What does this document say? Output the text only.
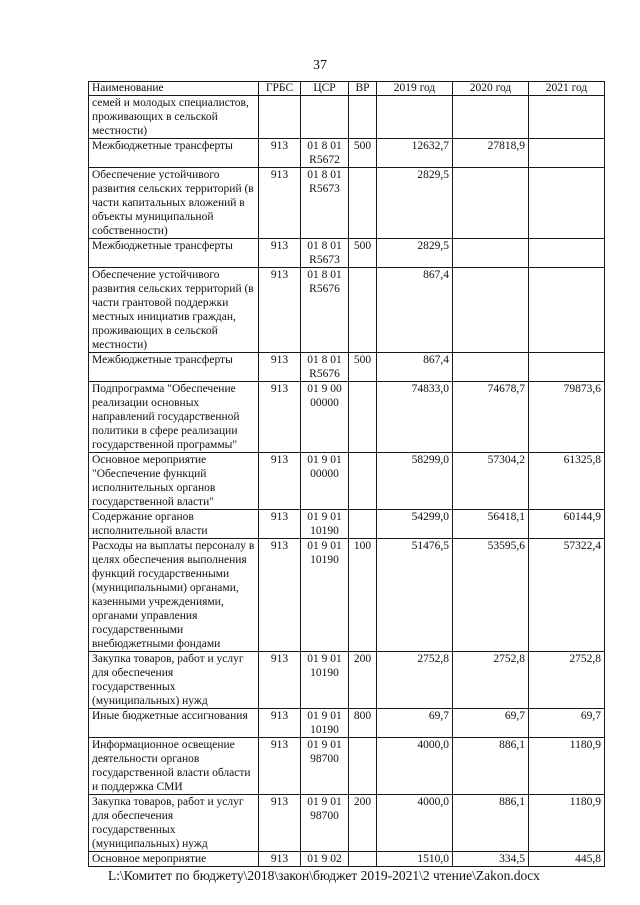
37
Наименование	ГРБС	ЦСР	ВР	2019 год	2020 год	2021 год
семей и молодых специалистов, проживающих в сельской местности)						
Межбюджетные трансферты	913	01 8 01 R5672	500	12632,7	27818,9	
Обеспечение устойчивого развития сельских территорий (в части капитальных вложений в объекты муниципальной собственности)	913	01 8 01 R5673		2829,5		
Межбюджетные трансферты	913	01 8 01 R5673	500	2829,5		
Обеспечение устойчивого развития сельских территорий (в части грантовой поддержки местных инициатив граждан, проживающих в сельской местности)	913	01 8 01 R5676		867,4		
Межбюджетные трансферты	913	01 8 01 R5676	500	867,4		
Подпрограмма "Обеспечение реализации основных направлений государственной политики в сфере реализации государственной программы"	913	01 9 00 00000		74833,0	74678,7	79873,6
Основное мероприятие "Обеспечение функций исполнительных органов государственной власти"	913	01 9 01 00000		58299,0	57304,2	61325,8
Содержание органов исполнительной власти	913	01 9 01 10190		54299,0	56418,1	60144,9
Расходы на выплаты персоналу в целях обеспечения выполнения функций государственными (муниципальными) органами, казенными учреждениями, органами управления государственными внебюджетными фондами	913	01 9 01 10190	100	51476,5	53595,6	57322,4
Закупка товаров, работ и услуг для обеспечения государственных (муниципальных) нужд	913	01 9 01 10190	200	2752,8	2752,8	2752,8
Иные бюджетные ассигнования	913	01 9 01 10190	800	69,7	69,7	69,7
Информационное освещение деятельности органов государственной власти области и поддержка СМИ	913	01 9 01 98700		4000,0	886,1	1180,9
Закупка товаров, работ и услуг для обеспечения государственных (муниципальных) нужд	913	01 9 01 98700	200	4000,0	886,1	1180,9
Основное мероприятие	913	01 9 02		1510,0	334,5	445,8
L:\Комитет по бюджету\2018\закон\бюджет 2019-2021\2 чтение\Zakon.docx
